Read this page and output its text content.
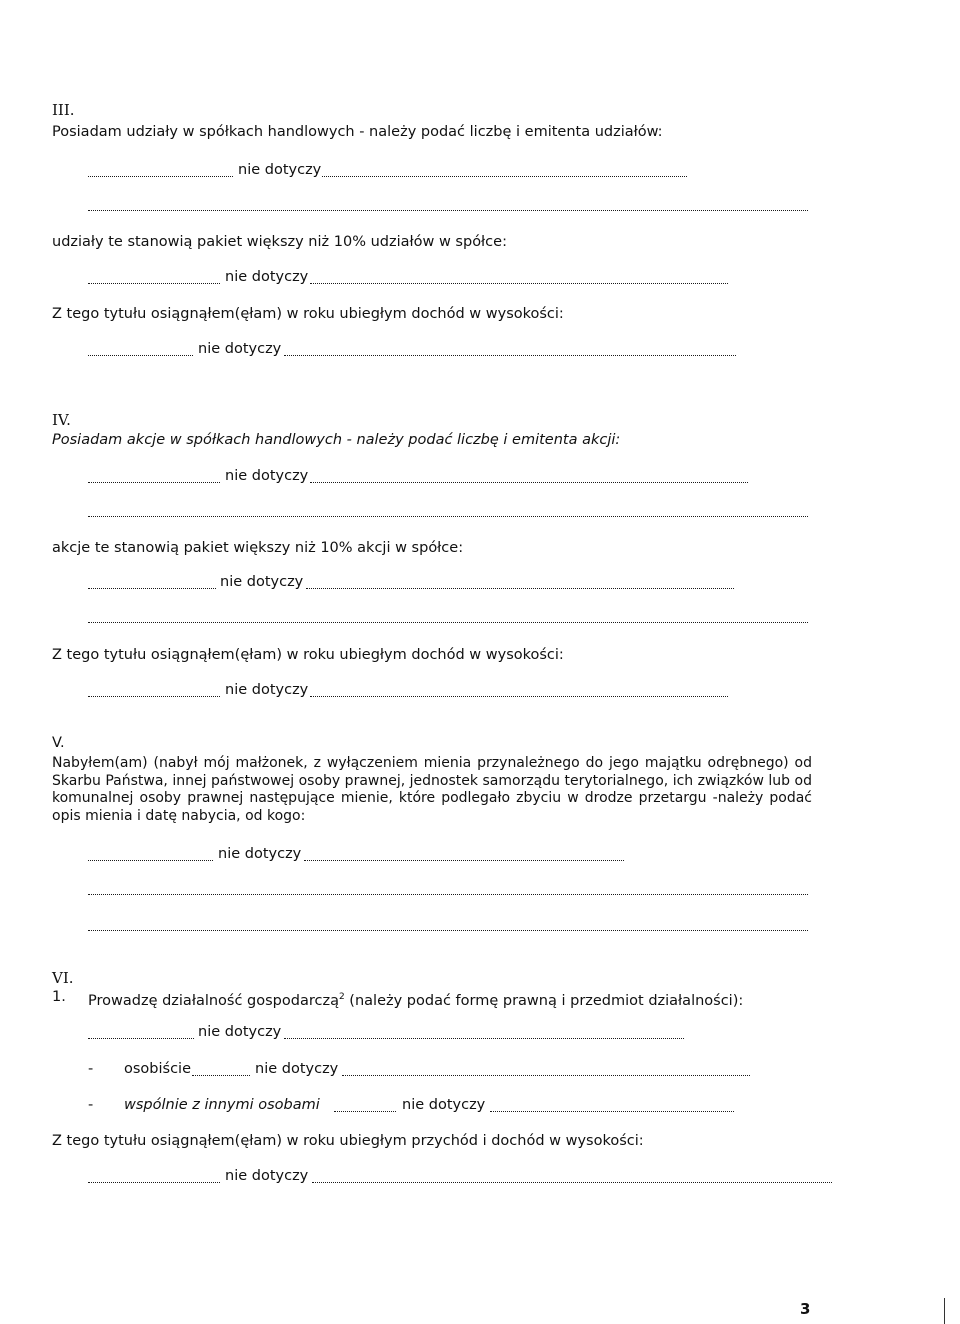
III.
Posiadam udziały w spółkach handlowych - należy podać liczbę i emitenta udziałów:
nie dotyczy
udziały te stanowią pakiet większy niż 10% udziałów w spółce:
nie dotyczy
Z tego tytułu osiągnąłem(ęłam) w roku ubiegłym dochód w wysokości:
nie dotyczy
IV.
Posiadam akcje w spółkach handlowych - należy podać liczbę i emitenta akcji:
nie dotyczy
akcje te stanowią pakiet większy niż 10% akcji w spółce:
nie dotyczy
Z tego tytułu osiągnąłem(ęłam) w roku ubiegłym dochód w wysokości:
nie dotyczy
V.
Nabyłem(am) (nabył mój małżonek, z wyłączeniem mienia przynależnego do jego majątku odrębnego) od Skarbu Państwa, innej państwowej osoby prawnej, jednostek samorządu terytorialnego, ich związków lub od komunalnej osoby prawnej następujące mienie, które podlegało zbyciu w drodze przetargu -należy podać opis mienia i datę nabycia, od kogo:
nie dotyczy
VI.
1. Prowadzę działalność gospodarczą$^2$ (należy podać formę prawną i przedmiot działalności):
nie dotyczy
- osobiście	nie dotyczy
- wspólnie z innymi osobami	nie dotyczy
Z tego tytułu osiągnąłem(ęłam) w roku ubiegłym przychód i dochód w wysokości:
nie dotyczy
3
